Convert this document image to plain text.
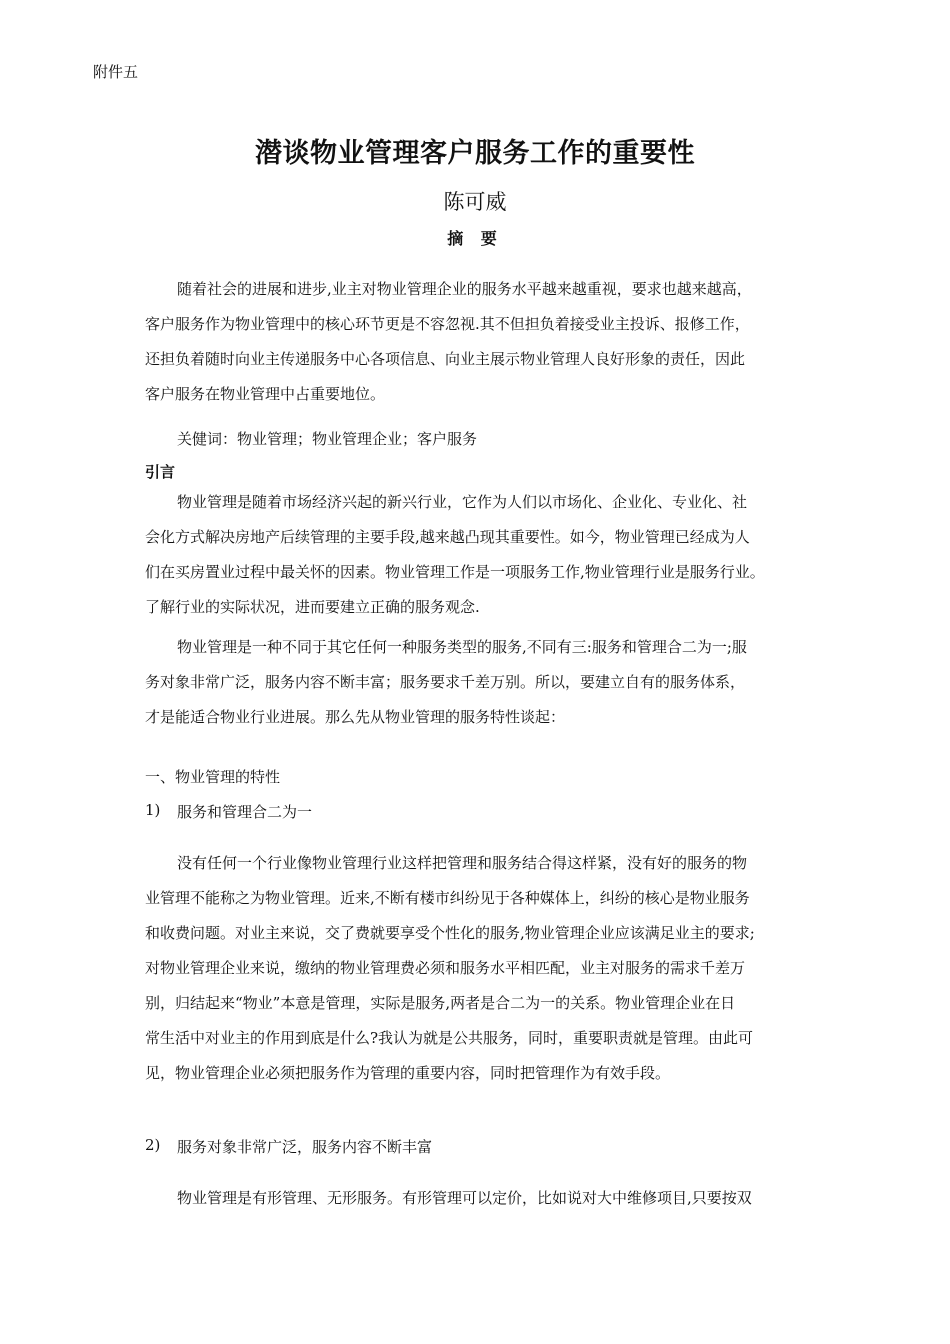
附件五
潜谈物业管理客户服务工作的重要性
陈可威
摘 要
随着社会的进展和进步,业主对物业管理企业的服务水平越来越重视，要求也越来越高，
客户服务作为物业管理中的核心环节更是不容忽视.其不但担负着接受业主投诉、报修工作，
还担负着随时向业主传递服务中心各项信息、向业主展示物业管理人良好形象的责任，因此
客户服务在物业管理中占重要地位。
关健词：物业管理；物业管理企业；客户服务
引言
物业管理是随着市场经济兴起的新兴行业，它作为人们以市场化、企业化、专业化、社
会化方式解决房地产后续管理的主要手段,越来越凸现其重要性。如今，物业管理已经成为人
们在买房置业过程中最关怀的因素。物业管理工作是一项服务工作,物业管理行业是服务行业。
了解行业的实际状况，进而要建立正确的服务观念.
物业管理是一种不同于其它任何一种服务类型的服务,不同有三:服务和管理合二为一;服
务对象非常广泛，服务内容不断丰富；服务要求千差万别。所以，要建立自有的服务体系，
才是能适合物业行业进展。那么先从物业管理的服务特性谈起：
一、物业管理的特性
1) 服务和管理合二为一
没有任何一个行业像物业管理行业这样把管理和服务结合得这样紧，没有好的服务的物
业管理不能称之为物业管理。近来,不断有楼市纠纷见于各种媒体上，纠纷的核心是物业服务
和收费问题。对业主来说，交了费就要享受个性化的服务,物业管理企业应该满足业主的要求;
对物业管理企业来说，缴纳的物业管理费必须和服务水平相匹配，业主对服务的需求千差万
别，归结起来“物业”本意是管理，实际是服务,两者是合二为一的关系。物业管理企业在日
常生活中对业主的作用到底是什么?我认为就是公共服务，同时，重要职责就是管理。由此可
见，物业管理企业必须把服务作为管理的重要内容，同时把管理作为有效手段。
2) 服务对象非常广泛，服务内容不断丰富
物业管理是有形管理、无形服务。有形管理可以定价，比如说对大中维修项目,只要按双
